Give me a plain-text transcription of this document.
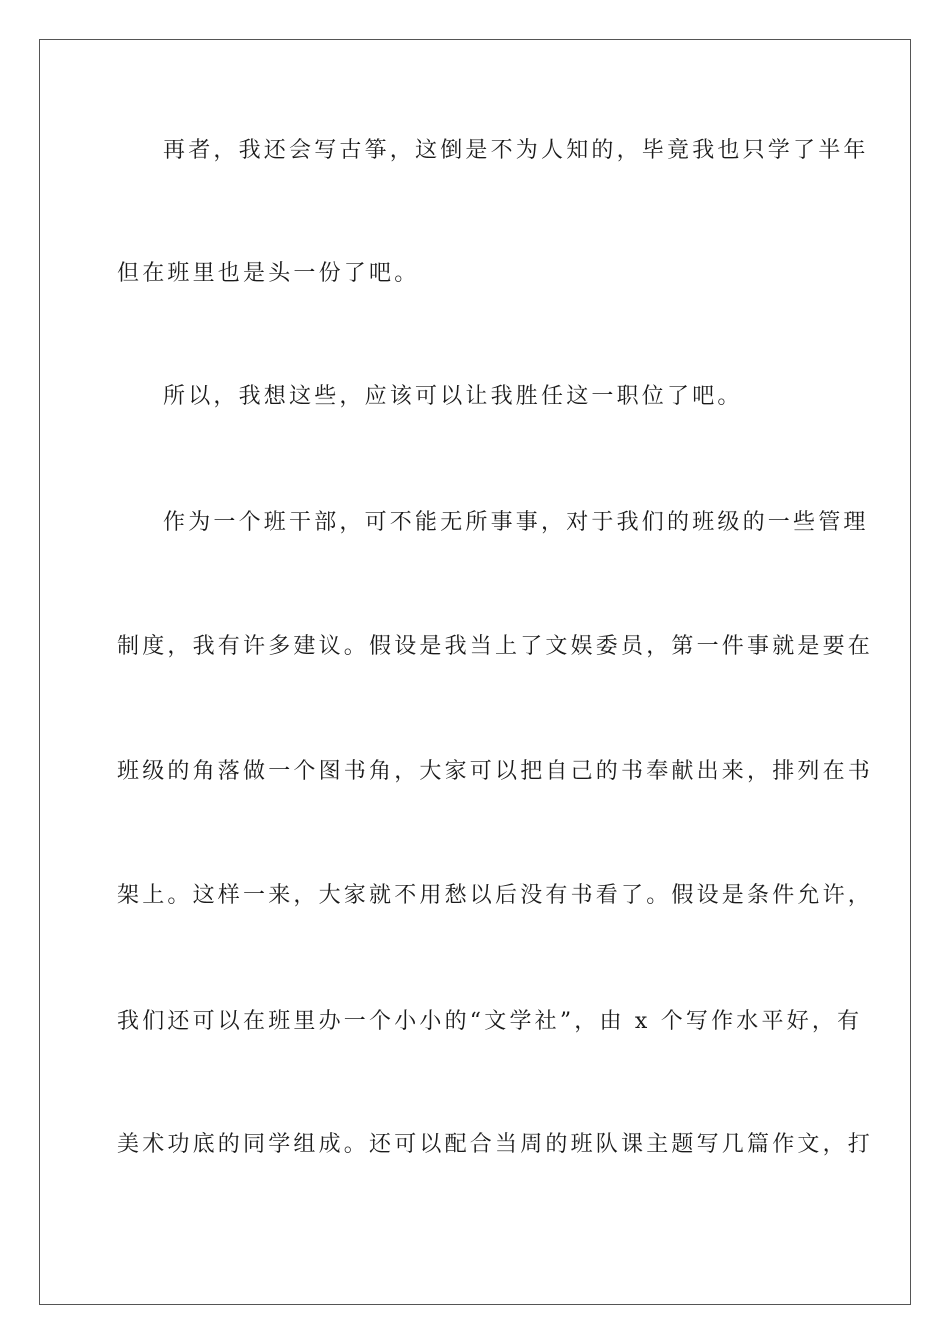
再者，我还会写古筝，这倒是不为人知的，毕竟我也只学了半年
但在班里也是头一份了吧。
所以，我想这些，应该可以让我胜任这一职位了吧。
作为一个班干部，可不能无所事事，对于我们的班级的一些管理
制度，我有许多建议。假设是我当上了文娱委员，第一件事就是要在
班级的角落做一个图书角，大家可以把自己的书奉献出来，排列在书
架上。这样一来，大家就不用愁以后没有书看了。假设是条件允许，
我们还可以在班里办一个小小的“文学社”，由 x 个写作水平好，有
美术功底的同学组成。还可以配合当周的班队课主题写几篇作文，打
